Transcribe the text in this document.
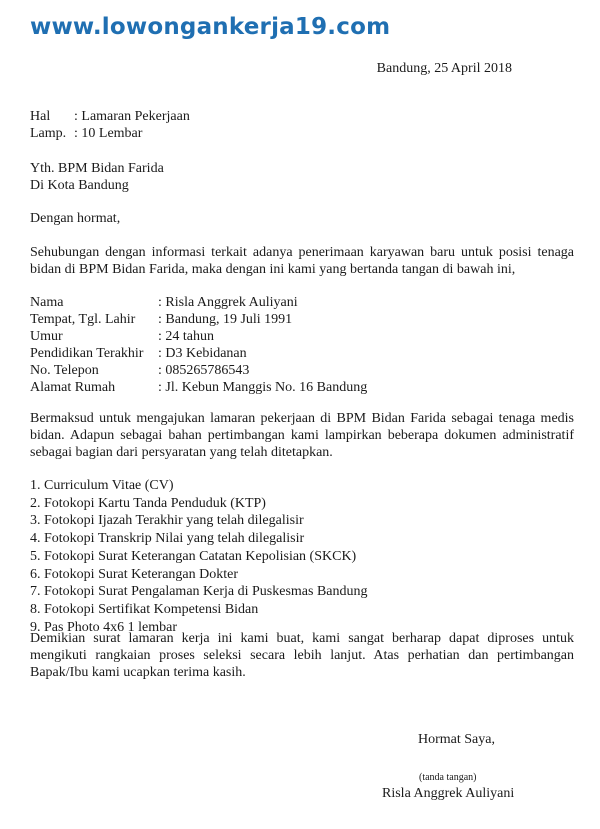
www.lowongankerja19.com
Bandung, 25 April 2018
Hal	: Lamaran Pekerjaan
Lamp. : 10 Lembar
Yth. BPM Bidan Farida
Di Kota Bandung
Dengan hormat,
Sehubungan dengan informasi terkait adanya penerimaan karyawan baru untuk posisi tenaga bidan di BPM Bidan Farida, maka dengan ini kami yang bertanda tangan di bawah ini,
Nama	: Risla Anggrek Auliyani
Tempat, Tgl. Lahir	: Bandung, 19 Juli 1991
Umur	: 24 tahun
Pendidikan Terakhir	: D3 Kebidanan
No. Telepon	: 085265786543
Alamat Rumah	: Jl. Kebun Manggis No. 16 Bandung
Bermaksud untuk mengajukan lamaran pekerjaan di BPM Bidan Farida sebagai tenaga medis bidan. Adapun sebagai bahan pertimbangan kami lampirkan beberapa dokumen administratif sebagai bagian dari persyaratan yang telah ditetapkan.
1. Curriculum Vitae (CV)
2. Fotokopi Kartu Tanda Penduduk (KTP)
3. Fotokopi Ijazah Terakhir yang telah dilegalisir
4. Fotokopi Transkrip Nilai yang telah dilegalisir
5. Fotokopi Surat Keterangan Catatan Kepolisian (SKCK)
6. Fotokopi Surat Keterangan Dokter
7. Fotokopi Surat Pengalaman Kerja di Puskesmas Bandung
8. Fotokopi Sertifikat Kompetensi Bidan
9. Pas Photo 4x6 1 lembar
Demikian surat lamaran kerja ini kami buat, kami sangat berharap dapat diproses untuk mengikuti rangkaian proses seleksi secara lebih lanjut. Atas perhatian dan pertimbangan Bapak/Ibu kami ucapkan terima kasih.
Hormat Saya,
(tanda tangan)
Risla Anggrek Auliyani
